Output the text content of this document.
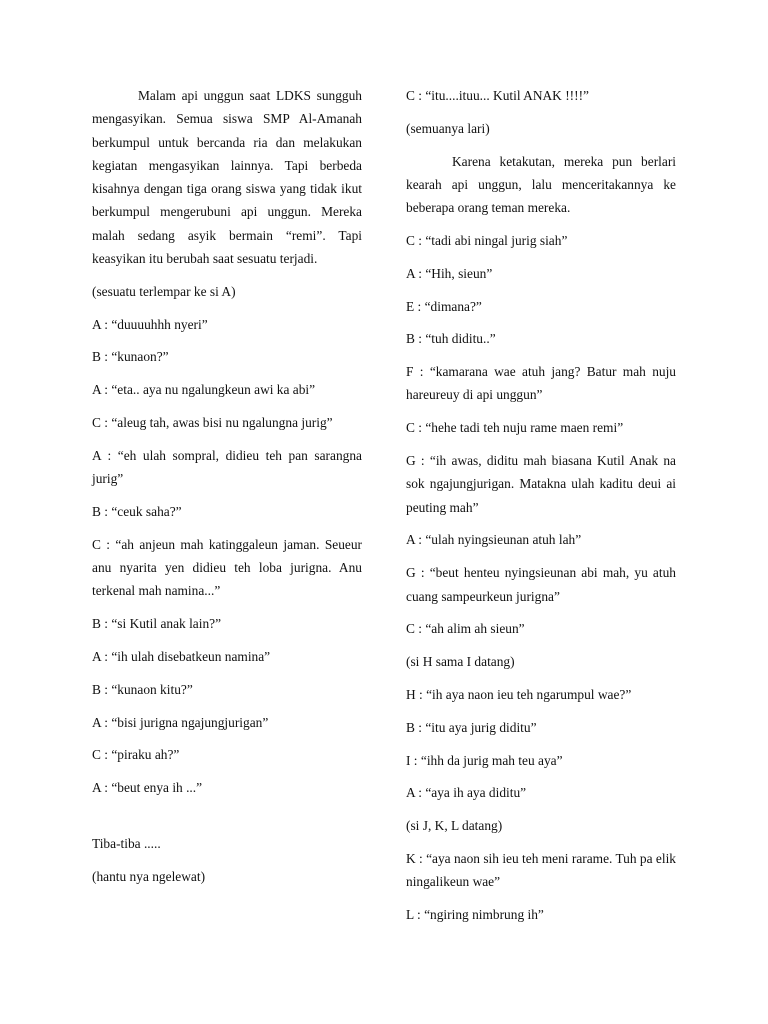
Malam api unggun saat LDKS sungguh mengasyikan. Semua siswa SMP Al-Amanah berkumpul untuk bercanda ria dan melakukan kegiatan mengasyikan lainnya. Tapi berbeda kisahnya dengan tiga orang siswa yang tidak ikut berkumpul mengerubuni api unggun. Mereka malah sedang asyik bermain “remi”. Tapi keasyikan itu berubah saat sesuatu terjadi.

(sesuatu terlempar ke si A)

A : “duuuuhhh nyeri”

B : “kunaon?”

A : “eta.. aya nu ngalungkeun awi ka abi”

C : “aleug tah, awas bisi nu ngalungna jurig”

A : “eh ulah sompral, didieu teh pan sarangna jurig”

B : “ceuk saha?”

C : “ah anjeun mah katinggaleun jaman. Seueur anu nyarita yen didieu teh loba jurigna. Anu terkenal mah namina...”

B : “si Kutil anak lain?”

A : “ih ulah disebatkeun namina”

B : “kunaon kitu?”

A : “bisi jurigna ngajungjurigan”

C : “piraku ah?”

A : “beut enya ih ...”

Tiba-tiba .....

(hantu nya ngelewat)

C : “itu....ituu... Kutil ANAK !!!!”

(semuanya lari)

Karena ketakutan, mereka pun berlari kearah api unggun, lalu menceritakannya ke beberapa orang teman mereka.

C : “tadi abi ningal jurig siah”

A : “Hih, sieun”

E : “dimana?”

B : “tuh diditu..”

F : “kamarana wae atuh jang? Batur mah nuju hareureuy di api unggun”

C : “hehe tadi teh nuju rame maen remi”

G : “ih awas, diditu mah biasana Kutil Anak na sok ngajungjurigan. Matakna ulah kaditu deui ai peuting mah”

A : “ulah nyingsieunan atuh lah”

G : “beut henteu nyingsieunan abi mah, yu atuh cuang sampeurkeun jurigna”

C : “ah alim ah sieun”

(si H sama I datang)

H : “ih aya naon ieu teh ngarumpul wae?”

B : “itu aya jurig diditu”

I : “ihh da jurig mah teu aya”

A : “aya ih aya diditu”

(si J, K, L datang)

K : “aya naon sih ieu teh meni rarame. Tuh pa elik ningalikeun wae”

L : “ngiring nimbrung ih”
